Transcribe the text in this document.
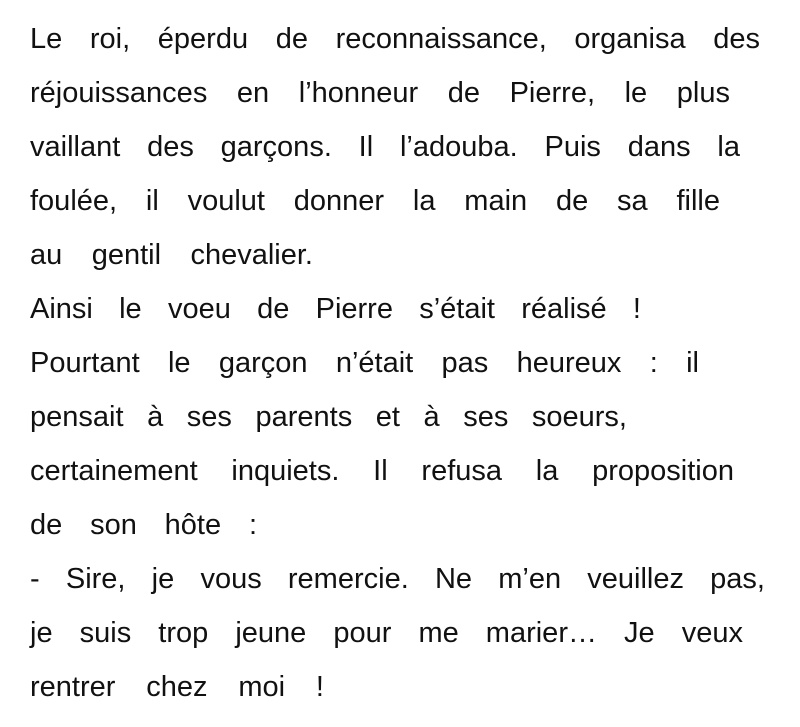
Le roi, éperdu de reconnaissance, organisa des
réjouissances en l’honneur de Pierre, le plus
vaillant des garçons. Il l’adouba. Puis dans la
foulée, il voulut donner la main de sa fille
au gentil chevalier.
Ainsi le voeu de Pierre s’était réalisé !
Pourtant le garçon n’était pas heureux : il
pensait à ses parents et à ses soeurs,
certainement inquiets. Il refusa la proposition
de son hôte :
- Sire, je vous remercie. Ne m’en veuillez pas,
je suis trop jeune pour me marier… Je veux
rentrer chez moi !
